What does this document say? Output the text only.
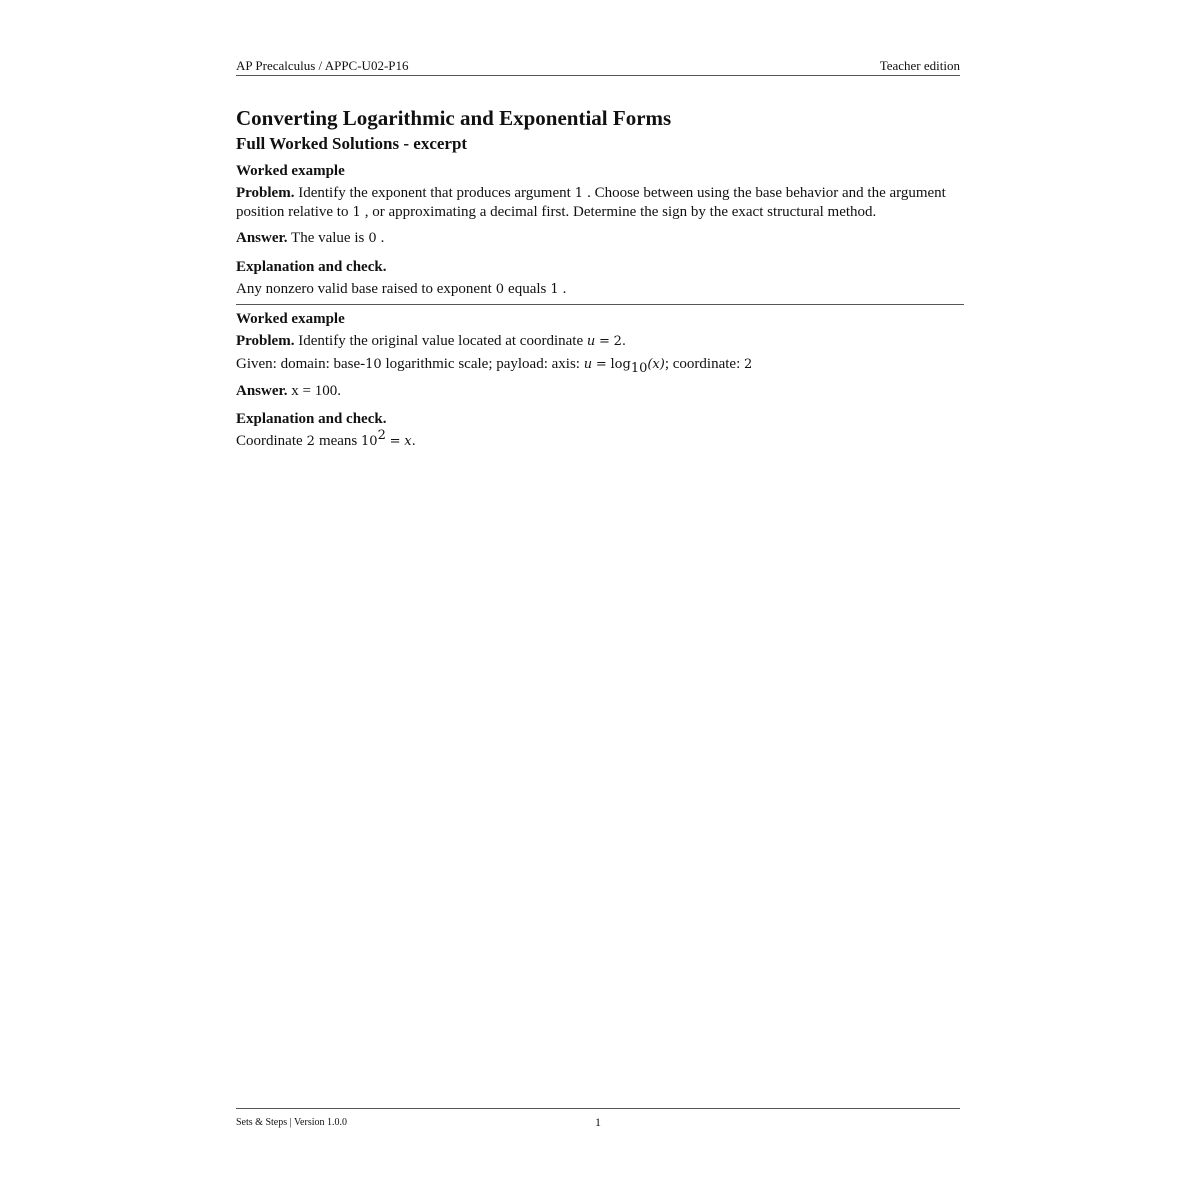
AP Precalculus / APPC-U02-P16	Teacher edition
Converting Logarithmic and Exponential Forms
Full Worked Solutions - excerpt
Worked example

Problem. Identify the exponent that produces argument 1 . Choose between using the base behavior and the argument position relative to 1 , or approximating a decimal first. Determine the sign by the exact structural method.

Answer. The value is 0 .

Explanation and check.

Any nonzero valid base raised to exponent 0 equals 1 .

Worked example

Problem. Identify the original value located at coordinate u = 2.

Given: domain: base-10 logarithmic scale; payload: axis: $u = \log_{10}(x)$; coordinate: 2

Answer. x = 100.

Explanation and check.

Coordinate 2 means $10^2 = x$.

Sets & Steps | Version 1.0.0	1
